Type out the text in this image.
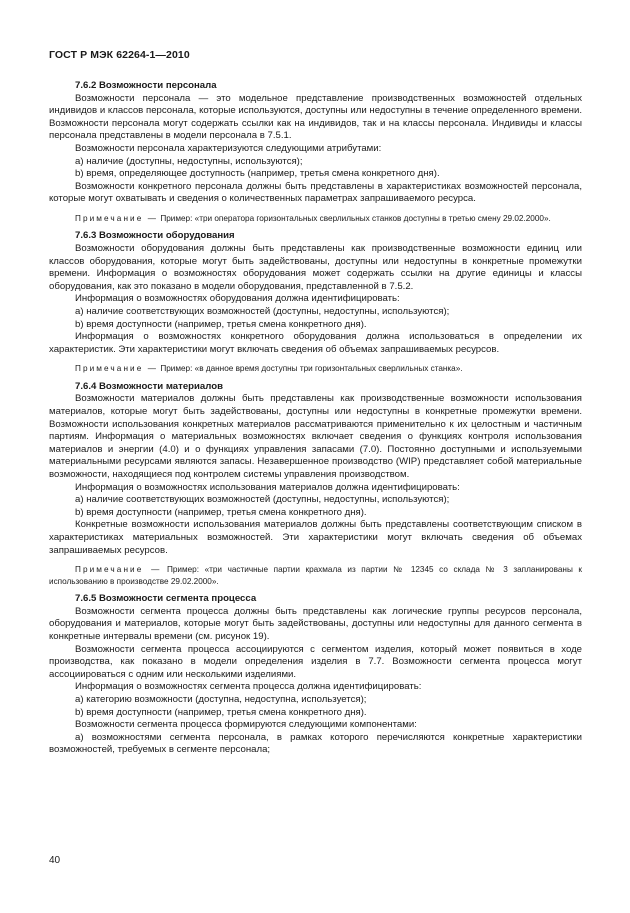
ГОСТ Р МЭК 62264-1—2010

7.6.2 Возможности персонала

Возможности персонала — это модельное представление производственных возможностей отдельных индивидов и классов персонала, которые используются, доступны или недоступны в течение определенного времени. Возможности персонала могут содержать ссылки как на индивидов, так и на классы персонала. Индивиды и классы персонала представлены в модели персонала в 7.5.1.

Возможности персонала характеризуются следующими атрибутами:

a) наличие (доступны, недоступны, используются);

b) время, определяющее доступность (например, третья смена конкретного дня).

Возможности конкретного персонала должны быть представлены в характеристиках возможностей персонала, которые могут охватывать и сведения о количественных параметрах запрашиваемого ресурса.

Примечание — Пример: «три оператора горизонтальных сверлильных станков доступны в третью смену 29.02.2000».

7.6.3 Возможности оборудования

Возможности оборудования должны быть представлены как производственные возможности единиц или классов оборудования, которые могут быть задействованы, доступны или недоступны в конкретные промежутки времени. Информация о возможностях оборудования может содержать ссылки на другие единицы и классы оборудования, как это показано в модели оборудования, представленной в 7.5.2.

Информация о возможностях оборудования должна идентифицировать:

a) наличие соответствующих возможностей (доступны, недоступны, используются);

b) время доступности (например, третья смена конкретного дня).

Информация о возможностях конкретного оборудования должна использоваться в определении их характеристик. Эти характеристики могут включать сведения об объемах запрашиваемых ресурсов.

Примечание — Пример: «в данное время доступны три горизонтальных сверлильных станка».

7.6.4 Возможности материалов

Возможности материалов должны быть представлены как производственные возможности использования материалов, которые могут быть задействованы, доступны или недоступны в конкретные промежутки времени. Возможности использования конкретных материалов рассматриваются применительно к их целостным и частичным партиям. Информация о материальных возможностях включает сведения о функциях контроля использования материалов и энергии (4.0) и о функциях управления запасами (7.0). Постоянно доступными и используемыми материальными ресурсами являются запасы. Незавершенное производство (WIP) представляет собой материальные возможности, находящиеся под контролем системы управления производством.

Информация о возможностях использования материалов должна идентифицировать:

a) наличие соответствующих возможностей (доступны, недоступны, используются);

b) время доступности (например, третья смена конкретного дня).

Конкретные возможности использования материалов должны быть представлены соответствующим списком в характеристиках материальных возможностей. Эти характеристики могут включать сведения об объемах запрашиваемых ресурсов.

Примечание — Пример: «три частичные партии крахмала из партии № 12345 со склада № 3 запланированы к использованию в производстве 29.02.2000».

7.6.5 Возможности сегмента процесса

Возможности сегмента процесса должны быть представлены как логические группы ресурсов персонала, оборудования и материалов, которые могут быть задействованы, доступны или недоступны для данного сегмента в конкретные интервалы времени (см. рисунок 19).

Возможности сегмента процесса ассоциируются с сегментом изделия, который может появиться в ходе производства, как показано в модели определения изделия в 7.7. Возможности сегмента процесса могут ассоциироваться с одним или несколькими изделиями.

Информация о возможностях сегмента процесса должна идентифицировать:

a) категорию возможности (доступна, недоступна, используется);

b) время доступности (например, третья смена конкретного дня).

Возможности сегмента процесса формируются следующими компонентами:

a) возможностями сегмента персонала, в рамках которого перечисляются конкретные характеристики возможностей, требуемых в сегменте персонала;

40
